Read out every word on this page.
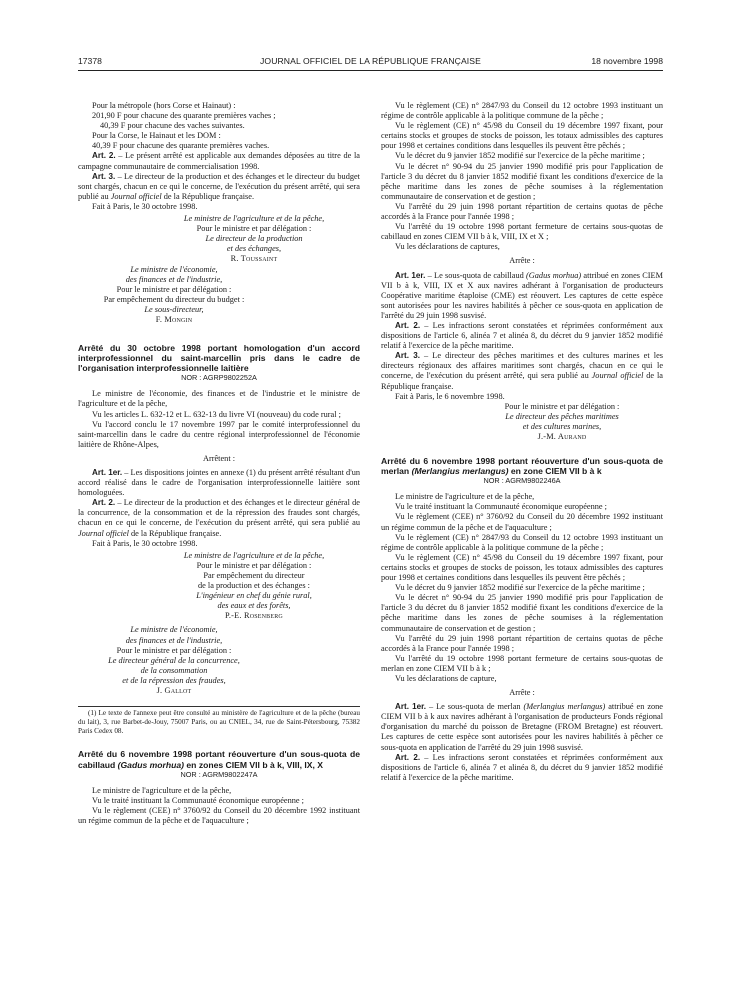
17378	JOURNAL OFFICIEL DE LA RÉPUBLIQUE FRANÇAISE	18 novembre 1998

Pour la métropole (hors Corse et Hainaut) :

201,90 F pour chacune des quarante premières vaches ;

40,39 F pour chacune des vaches suivantes.

Pour la Corse, le Hainaut et les DOM :

40,39 F pour chacune des quarante premières vaches.

Art. 2. – Le présent arrêté est applicable aux demandes déposées au titre de la campagne communautaire de commercialisation 1998.

Art. 3. – Le directeur de la production et des échanges et le directeur du budget sont chargés, chacun en ce qui le concerne, de l'exécution du présent arrêté, qui sera publié au Journal officiel de la République française.

Fait à Paris, le 30 octobre 1998.

Le ministre de l'agriculture et de la pêche,

Pour le ministre et par délégation :

Le directeur de la production

et des échanges,

R. Toussaint

Le ministre de l'économie,

des finances et de l'industrie,

Pour le ministre et par délégation :

Par empêchement du directeur du budget :

Le sous-directeur,

F. Mongin

Arrêté du 30 octobre 1998 portant homologation d'un accord interprofessionnel du saint-marcellin pris dans le cadre de l'organisation interprofessionnelle laitière

NOR : AGRP9802252A

Le ministre de l'économie, des finances et de l'industrie et le ministre de l'agriculture et de la pêche,

Vu les articles L. 632-12 et L. 632-13 du livre VI (nouveau) du code rural ;

Vu l'accord conclu le 17 novembre 1997 par le comité interprofessionnel du saint-marcellin dans le cadre du centre régional interprofessionnel de l'économie laitière de Rhône-Alpes,

Arrêtent :

Art. 1er. – Les dispositions jointes en annexe (1) du présent arrêté résultant d'un accord réalisé dans le cadre de l'organisation interprofessionnelle laitière sont homologuées.

Art. 2. – Le directeur de la production et des échanges et le directeur général de la concurrence, de la consommation et de la répression des fraudes sont chargés, chacun en ce qui le concerne, de l'exécution du présent arrêté, qui sera publié au Journal officiel de la République française.

Fait à Paris, le 30 octobre 1998.

Le ministre de l'agriculture et de la pêche,

Pour le ministre et par délégation :

Par empêchement du directeur

de la production et des échanges :

L'ingénieur en chef du génie rural,

des eaux et des forêts,

P.-E. Rosenberg

Le ministre de l'économie,

des finances et de l'industrie,

Pour le ministre et par délégation :

Le directeur général de la concurrence,

de la consommation

et de la répression des fraudes,

J. Gallot

(1) Le texte de l'annexe peut être consulté au ministère de l'agriculture et de la pêche (bureau du lait), 3, rue Barbet-de-Jouy, 75007 Paris, ou au CNIEL, 34, rue de Saint-Pétersbourg, 75382 Paris Cedex 08.

Arrêté du 6 novembre 1998 portant réouverture d'un sous-quota de cabillaud (Gadus morhua) en zones CIEM VII b à k, VIII, IX, X

NOR : AGRM9802247A

Le ministre de l'agriculture et de la pêche,

Vu le traité instituant la Communauté économique européenne ;

Vu le règlement (CEE) n° 3760/92 du Conseil du 20 décembre 1992 instituant un régime commun de la pêche et de l'aquaculture ;

Vu le règlement (CE) n° 2847/93 du Conseil du 12 octobre 1993 instituant un régime de contrôle applicable à la politique commune de la pêche ;

Vu le règlement (CE) n° 45/98 du Conseil du 19 décembre 1997 fixant, pour certains stocks et groupes de stocks de poisson, les totaux admissibles des captures pour 1998 et certaines conditions dans lesquelles ils peuvent être pêchés ;

Vu le décret du 9 janvier 1852 modifié sur l'exercice de la pêche maritime ;

Vu le décret n° 90-94 du 25 janvier 1990 modifié pris pour l'application de l'article 3 du décret du 8 janvier 1852 modifié fixant les conditions d'exercice de la pêche maritime dans les zones de pêche soumises à la réglementation communautaire de conservation et de gestion ;

Vu l'arrêté du 29 juin 1998 portant répartition de certains quotas de pêche accordés à la France pour l'année 1998 ;

Vu l'arrêté du 19 octobre 1998 portant fermeture de certains sous-quotas de cabillaud en zones CIEM VII b à k, VIII, IX et X ;

Vu les déclarations de captures,

Arrête :

Art. 1er. – Le sous-quota de cabillaud (Gadus morhua) attribué en zones CIEM VII b à k, VIII, IX et X aux navires adhérant à l'organisation de producteurs Coopérative maritime étaploise (CME) est réouvert. Les captures de cette espèce sont autorisées pour les navires habilités à pêcher ce sous-quota en application de l'arrêté du 29 juin 1998 susvisé.

Art. 2. – Les infractions seront constatées et réprimées conformément aux dispositions de l'article 6, alinéa 7 et alinéa 8, du décret du 9 janvier 1852 modifié relatif à l'exercice de la pêche maritime.

Art. 3. – Le directeur des pêches maritimes et des cultures marines et les directeurs régionaux des affaires maritimes sont chargés, chacun en ce qui le concerne, de l'exécution du présent arrêté, qui sera publié au Journal officiel de la République française.

Fait à Paris, le 6 novembre 1998.

Pour le ministre et par délégation :

Le directeur des pêches maritimes

et des cultures marines,

J.-M. Aurand

Arrêté du 6 novembre 1998 portant réouverture d'un sous-quota de merlan (Merlangius merlangus) en zone CIEM VII b à k

NOR : AGRM9802246A

Le ministre de l'agriculture et de la pêche,

Vu le traité instituant la Communauté économique européenne ;

Vu le règlement (CEE) n° 3760/92 du Conseil du 20 décembre 1992 instituant un régime commun de la pêche et de l'aquaculture ;

Vu le règlement (CE) n° 2847/93 du Conseil du 12 octobre 1993 instituant un régime de contrôle applicable à la politique commune de la pêche ;

Vu le règlement (CE) n° 45/98 du Conseil du 19 décembre 1997 fixant, pour certains stocks et groupes de stocks de poisson, les totaux admissibles des captures pour 1998 et certaines conditions dans lesquelles ils peuvent être pêchés ;

Vu le décret du 9 janvier 1852 modifié sur l'exercice de la pêche maritime ;

Vu le décret n° 90-94 du 25 janvier 1990 modifié pris pour l'application de l'article 3 du décret du 8 janvier 1852 modifié fixant les conditions d'exercice de la pêche maritime dans les zones de pêche soumises à la réglementation communautaire de conservation et de gestion ;

Vu l'arrêté du 29 juin 1998 portant répartition de certains quotas de pêche accordés à la France pour l'année 1998 ;

Vu l'arrêté du 19 octobre 1998 portant fermeture de certains sous-quotas de merlan en zone CIEM VII b à k ;

Vu les déclarations de capture,

Arrête :

Art. 1er. – Le sous-quota de merlan (Merlangius merlangus) attribué en zone CIEM VII b à k aux navires adhérant à l'organisation de producteurs Fonds régional d'organisation du marché du poisson de Bretagne (FROM Bretagne) est réouvert. Les captures de cette espèce sont autorisées pour les navires habilités à pêcher ce sous-quota en application de l'arrêté du 29 juin 1998 susvisé.

Art. 2. – Les infractions seront constatées et réprimées conformément aux dispositions de l'article 6, alinéa 7 et alinéa 8, du décret du 9 janvier 1852 modifié relatif à l'exercice de la pêche maritime.
